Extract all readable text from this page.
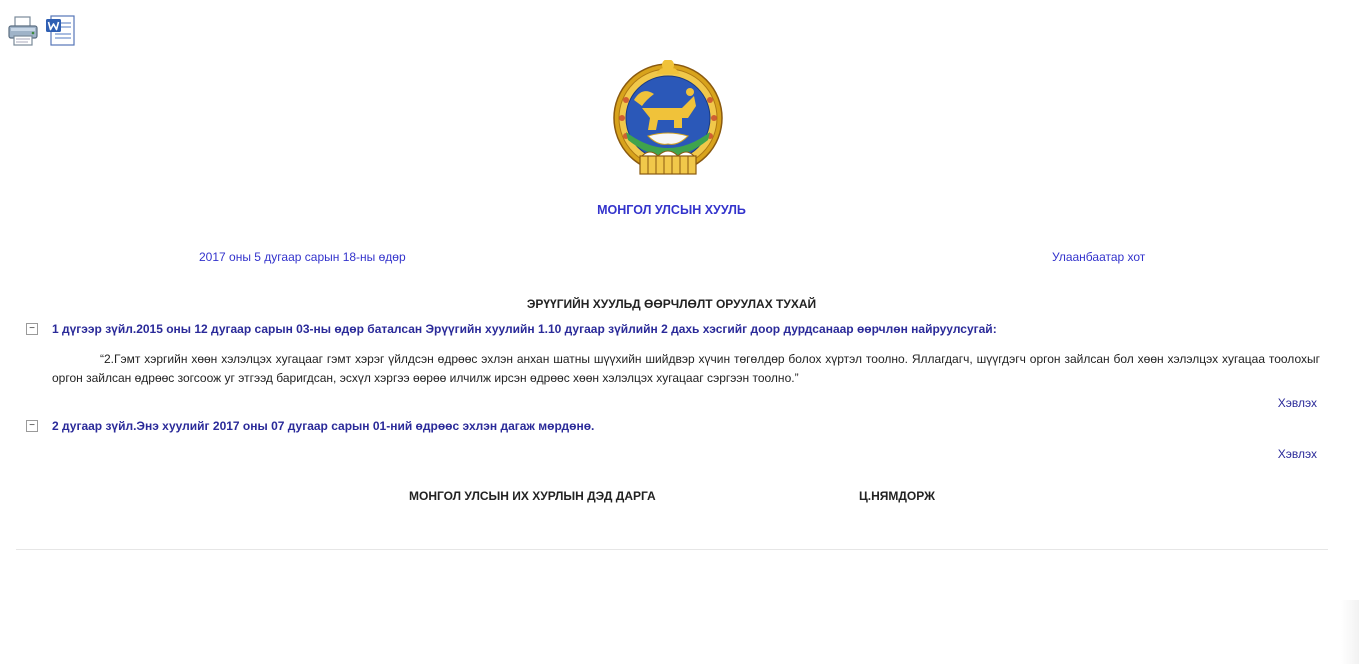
МОНГОЛ УЛСЫН ХУУЛЬ
2017 оны 5 дугаар сарын 18-ны өдөр	Улаанбаатар хот
ЭРҮҮГИЙН ХУУЛЬД ӨӨРЧЛӨЛТ ОРУУЛАХ ТУХАЙ
− 1 дүгээр зүйл.2015 оны 12 дугаар сарын 03-ны өдөр баталсан Эрүүгийн хуулийн 1.10 дугаар зүйлийн 2 дахь хэсгийг доор дурдсанаар өөрчлөн найруулсугай:
“2.Гэмт хэргийн хөөн хэлэлцэх хугацааг гэмт хэрэг үйлдсэн өдрөөс эхлэн анхан шатны шүүхийн шийдвэр хүчин төгөлдөр болох хүртэл тоолно. Яллагдагч, шүүгдэгч оргон зайлсан бол хөөн хэлэлцэх хугацаа тоолохыг оргон зайлсан өдрөөс зогсоож уг этгээд баригдсан, эсхүл хэргээ өөрөө илчилж ирсэн өдрөөс хөөн хэлэлцэх хугацааг сэргээн тоолно.”
Хэвлэх
− 2 дугаар зүйл.Энэ хуулийг 2017 оны 07 дугаар сарын 01-ний өдрөөс эхлэн дагаж мөрдөнө.
Хэвлэх
МОНГОЛ УЛСЫН ИХ ХУРЛЫН ДЭД ДАРГА	Ц.НЯМДОРЖ
